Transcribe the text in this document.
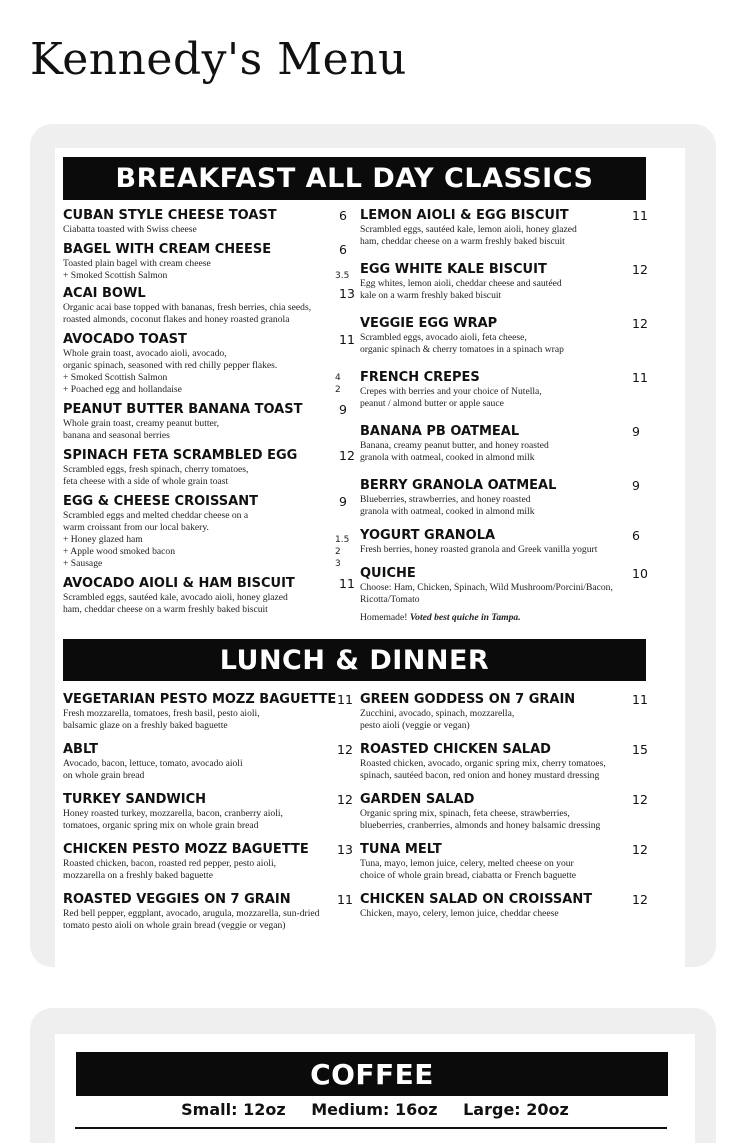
Kennedy's Menu
BREAKFAST ALL DAY CLASSICS
CUBAN STYLE CHEESE TOAST	6
Ciabatta toasted with Swiss cheese
BAGEL WITH CREAM CHEESE	6
Toasted plain bagel with cream cheese
+ Smoked Scottish Salmon	3.5
ACAI BOWL	13
Organic acai base topped with bananas, fresh berries, chia seeds,
roasted almonds, coconut flakes and honey roasted granola
AVOCADO TOAST	11
Whole grain toast, avocado aioli, avocado,
organic spinach, seasoned with red chilly pepper flakes.
+ Smoked Scottish Salmon	4
+ Poached egg and hollandaise	2
PEANUT BUTTER BANANA TOAST	9
Whole grain toast, creamy peanut butter,
banana and seasonal berries
SPINACH FETA SCRAMBLED EGG	12
Scrambled eggs, fresh spinach, cherry tomatoes,
feta cheese with a side of whole grain toast
EGG & CHEESE CROISSANT	9
Scrambled eggs and melted cheddar cheese on a
warm croissant from our local bakery.
+ Honey glazed ham	1.5
+ Apple wood smoked bacon	2
+ Sausage	3
AVOCADO AIOLI & HAM BISCUIT	11
Scrambled eggs, sautéed kale, avocado aioli, honey glazed
ham, cheddar cheese on a warm freshly baked biscuit
LEMON AIOLI & EGG BISCUIT	11
Scrambled eggs, sautéed kale, lemon aioli, honey glazed
ham, cheddar cheese on a warm freshly baked biscuit
EGG WHITE KALE BISCUIT	12
Egg whites, lemon aioli, cheddar cheese and sautéed
kale on a warm freshly baked biscuit
VEGGIE EGG WRAP	12
Scrambled eggs, avocado aioli, feta cheese,
organic spinach & cherry tomatoes in a spinach wrap
FRENCH CREPES	11
Crepes with berries and your choice of Nutella,
peanut / almond butter or apple sauce
BANANA PB OATMEAL	9
Banana, creamy peanut butter, and honey roasted
granola with oatmeal, cooked in almond milk
BERRY GRANOLA OATMEAL	9
Blueberries, strawberries, and honey roasted
granola with oatmeal, cooked in almond milk
YOGURT GRANOLA	6
Fresh berries, honey roasted granola and Greek vanilla yogurt
QUICHE	10
Choose: Ham, Chicken, Spinach, Wild Mushroom/Porcini/Bacon,
Ricotta/Tomato
Homemade! Voted best quiche in Tampa.
LUNCH & DINNER
VEGETARIAN PESTO MOZZ BAGUETTE 11
Fresh mozzarella, tomatoes, fresh basil, pesto aioli,
balsamic glaze on a freshly baked baguette
ABLT	12
Avocado, bacon, lettuce, tomato, avocado aioli
on whole grain bread
TURKEY SANDWICH	12
Honey roasted turkey, mozzarella, bacon, cranberry aioli,
tomatoes, organic spring mix on whole grain bread
CHICKEN PESTO MOZZ BAGUETTE	13
Roasted chicken, bacon, roasted red pepper, pesto aioli,
mozzarella on a freshly baked baguette
ROASTED VEGGIES ON 7 GRAIN	11
Red bell pepper, eggplant, avocado, arugula, mozzarella, sun-dried
tomato pesto aioli on whole grain bread (veggie or vegan)
GREEN GODDESS ON 7 GRAIN	11
Zucchini, avocado, spinach, mozzarella,
pesto aioli (veggie or vegan)
ROASTED CHICKEN SALAD	15
Roasted chicken, avocado, organic spring mix, cherry tomatoes,
spinach, sautéed bacon, red onion and honey mustard dressing
GARDEN SALAD	12
Organic spring mix, spinach, feta cheese, strawberries,
blueberries, cranberries, almonds and honey balsamic dressing
TUNA MELT	12
Tuna, mayo, lemon juice, celery, melted cheese on your
choice of whole grain bread, ciabatta or French baguette
CHICKEN SALAD ON CROISSANT	12
Chicken, mayo, celery, lemon juice, cheddar cheese
COFFEE
Small: 12oz Medium: 16oz Large: 20oz
